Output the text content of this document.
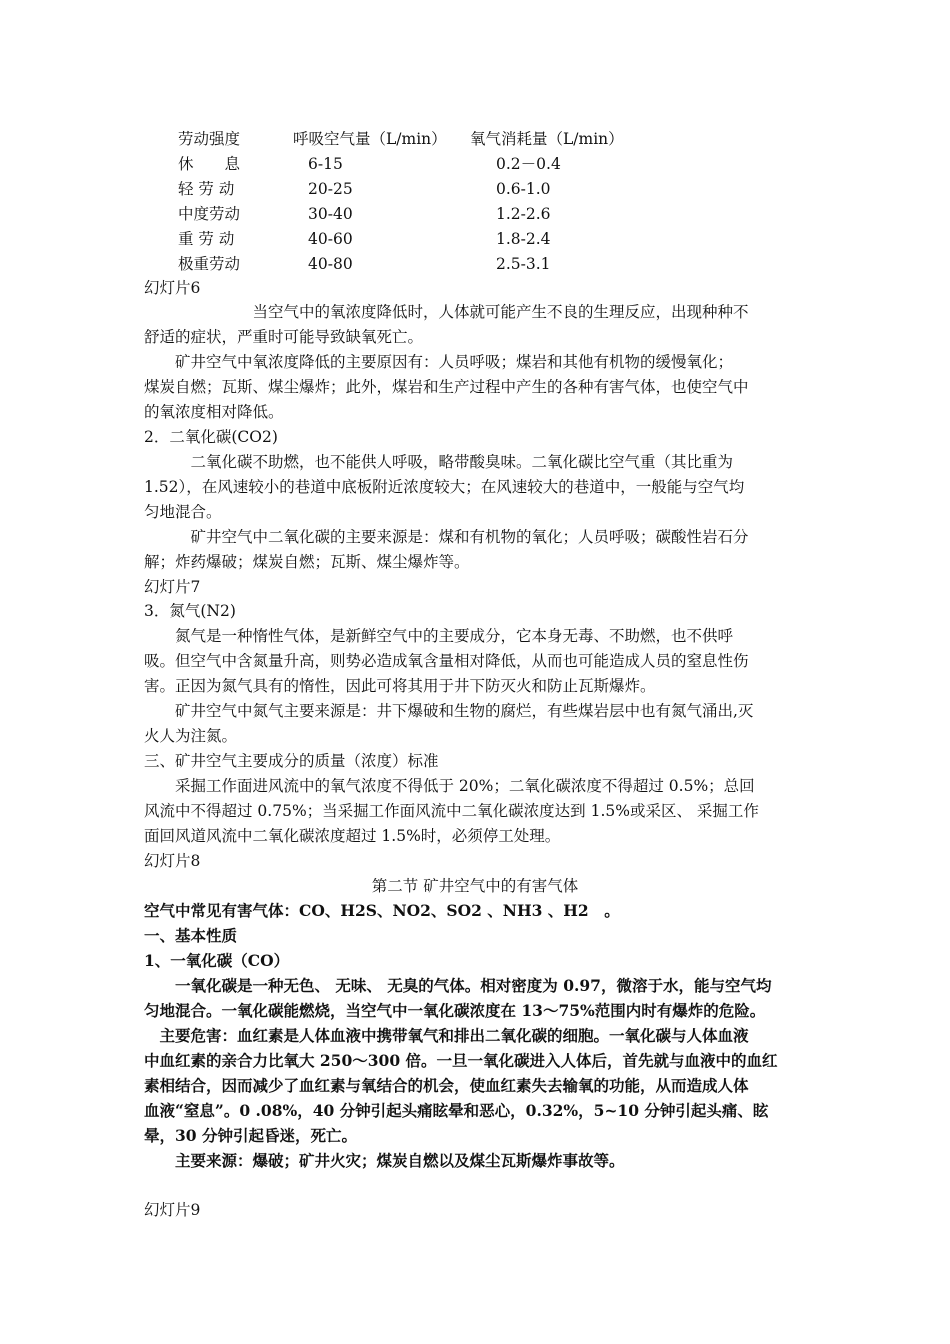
劳动强度	呼吸空气量（L/min） 氧气消耗量（L/min）
休　　息	6-15	0.2－0.4
轻 劳 动	20-25	0.6-1.0
中度劳动	30-40	1.2-2.6
重 劳 动	40-60	1.8-2.4
极重劳动	40-80	2.5-3.1
幻灯片6
　　　　　　　当空气中的氧浓度降低时，人体就可能产生不良的生理反应，出现种种不
舒适的症状，严重时可能导致缺氧死亡。
　　矿井空气中氧浓度降低的主要原因有：人员呼吸；煤岩和其他有机物的缓慢氧化；
煤炭自燃；瓦斯、煤尘爆炸；此外，煤岩和生产过程中产生的各种有害气体，也使空气中
的氧浓度相对降低。
2．二氧化碳(CO2)
　　　二氧化碳不助燃，也不能供人呼吸，略带酸臭味。二氧化碳比空气重（其比重为
1.52），在风速较小的巷道中底板附近浓度较大；在风速较大的巷道中，一般能与空气均
匀地混合。
　　　矿井空气中二氧化碳的主要来源是：煤和有机物的氧化；人员呼吸；碳酸性岩石分
解；炸药爆破；煤炭自燃；瓦斯、煤尘爆炸等。
幻灯片7
3．氮气(N2)
　　氮气是一种惰性气体，是新鲜空气中的主要成分，它本身无毒、不助燃，也不供呼
吸。但空气中含氮量升高，则势必造成氧含量相对降低，从而也可能造成人员的窒息性伤
害。正因为氮气具有的惰性，因此可将其用于井下防灭火和防止瓦斯爆炸。
　　矿井空气中氮气主要来源是：井下爆破和生物的腐烂，有些煤岩层中也有氮气涌出,灭
火人为注氮。
三、矿井空气主要成分的质量（浓度）标准
　　采掘工作面进风流中的氧气浓度不得低于 20%；二氧化碳浓度不得超过 0.5%；总回
风流中不得超过 0.75%；当采掘工作面风流中二氧化碳浓度达到 1.5%或采区、 采掘工作
面回风道风流中二氧化碳浓度超过 1.5%时，必须停工处理。
幻灯片8
第二节 矿井空气中的有害气体
空气中常见有害气体：CO、H2S、NO2、SO2 、NH3 、H2　。
一、基本性质
1、一氧化碳（CO）
　　一氧化碳是一种无色、 无味、 无臭的气体。相对密度为 0.97，微溶于水，能与空气均
匀地混合。一氧化碳能燃烧，当空气中一氧化碳浓度在 13～75%范围内时有爆炸的危险。
　主要危害：血红素是人体血液中携带氧气和排出二氧化碳的细胞。一氧化碳与人体血液
中血红素的亲合力比氧大 250～300 倍。一旦一氧化碳进入人体后，首先就与血液中的血红
素相结合，因而减少了血红素与氧结合的机会，使血红素失去输氧的功能，从而造成人体
血液“窒息”。0 .08%，40 分钟引起头痛眩晕和恶心，0.32%，5~10 分钟引起头痛、眩
晕，30 分钟引起昏迷，死亡。
　　主要来源：爆破；矿井火灾；煤炭自燃以及煤尘瓦斯爆炸事故等。
幻灯片9
